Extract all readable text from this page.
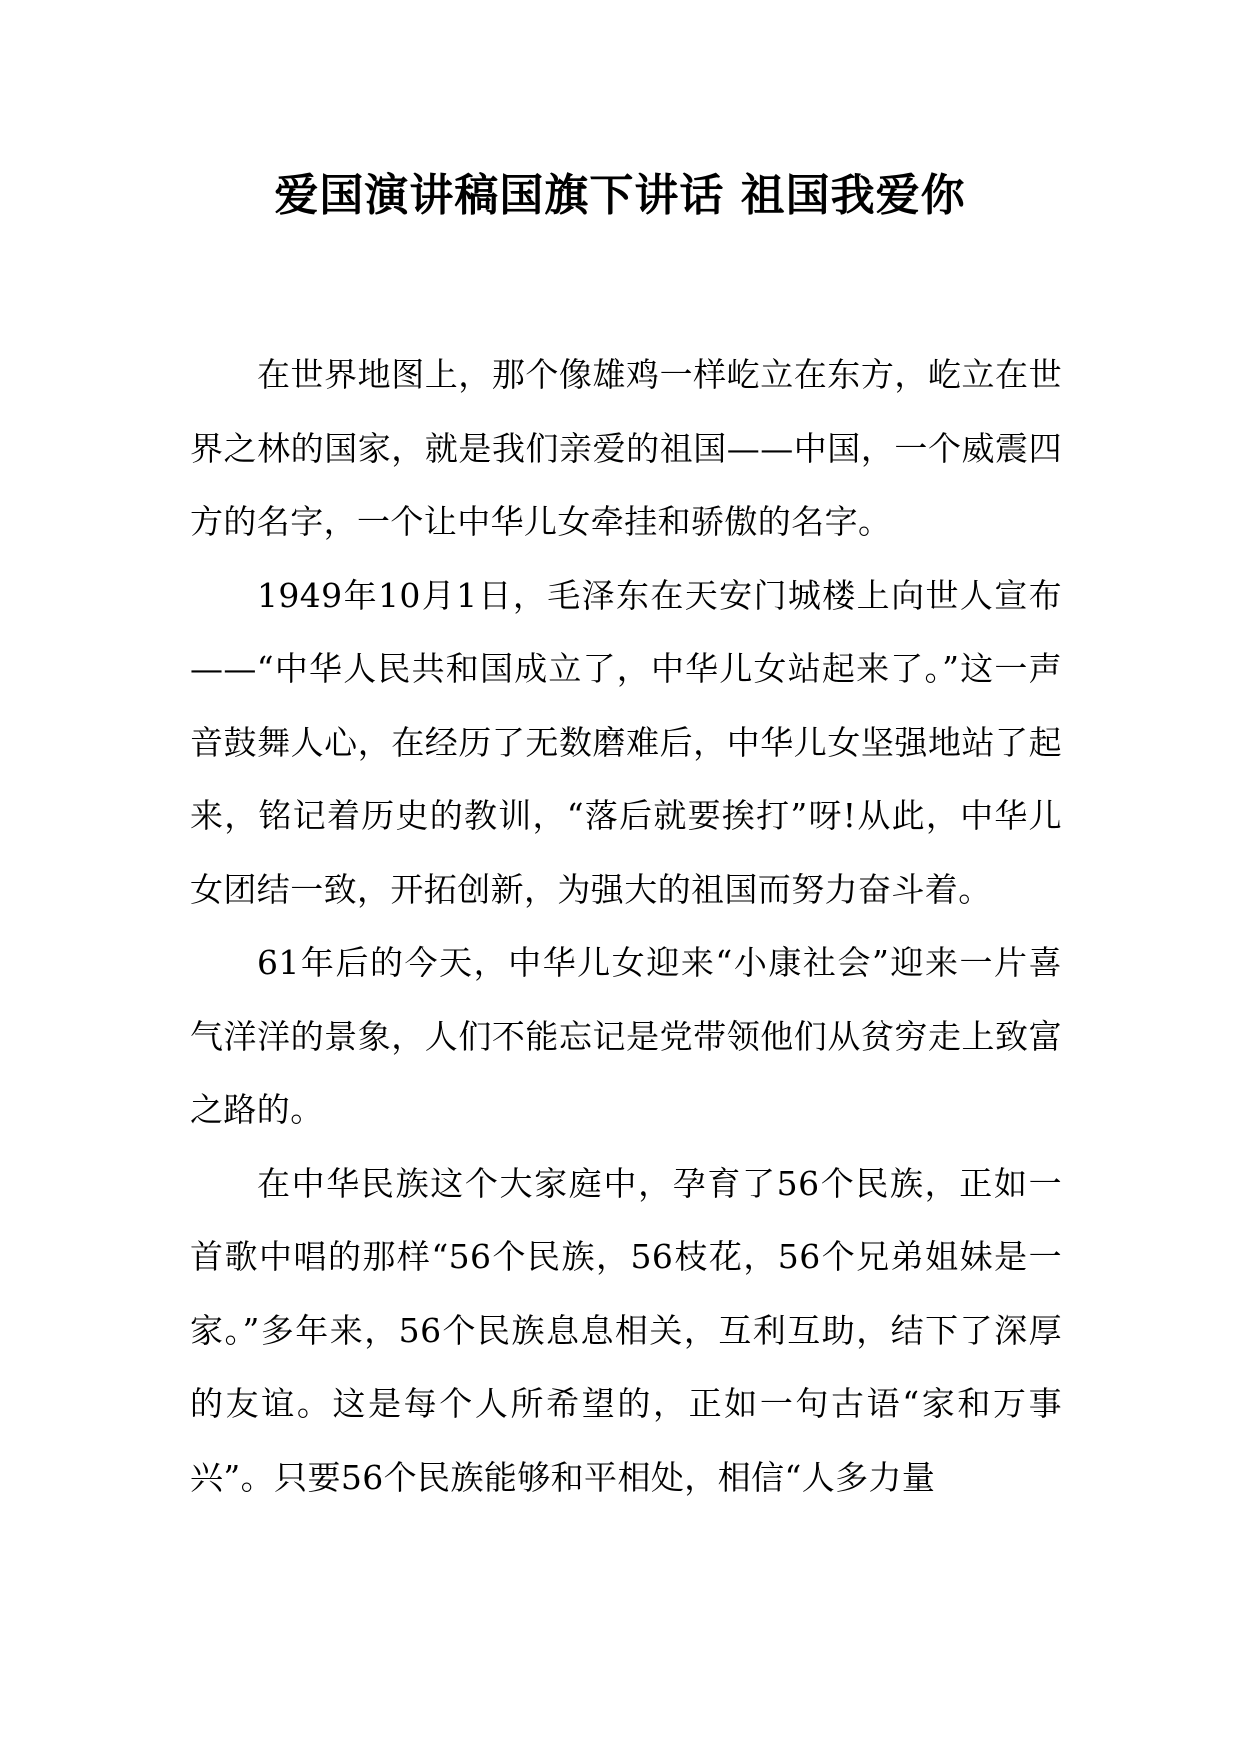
爱国演讲稿国旗下讲话 祖国我爱你

在世界地图上，那个像雄鸡一样屹立在东方，屹立在世界之林的国家，就是我们亲爱的祖国——中国，一个威震四方的名字，一个让中华儿女牵挂和骄傲的名字。

1949年10月1日，毛泽东在天安门城楼上向世人宣布——“中华人民共和国成立了，中华儿女站起来了。”这一声音鼓舞人心，在经历了无数磨难后，中华儿女坚强地站了起来，铭记着历史的教训，“落后就要挨打”呀!从此，中华儿女团结一致，开拓创新，为强大的祖国而努力奋斗着。

61年后的今天，中华儿女迎来“小康社会”迎来一片喜气洋洋的景象，人们不能忘记是党带领他们从贫穷走上致富之路的。

在中华民族这个大家庭中，孕育了56个民族，正如一首歌中唱的那样“56个民族，56枝花，56个兄弟姐妹是一家。”多年来，56个民族息息相关，互利互助，结下了深厚的友谊。这是每个人所希望的，正如一句古语“家和万事兴”。只要56个民族能够和平相处，相信“人多力量
